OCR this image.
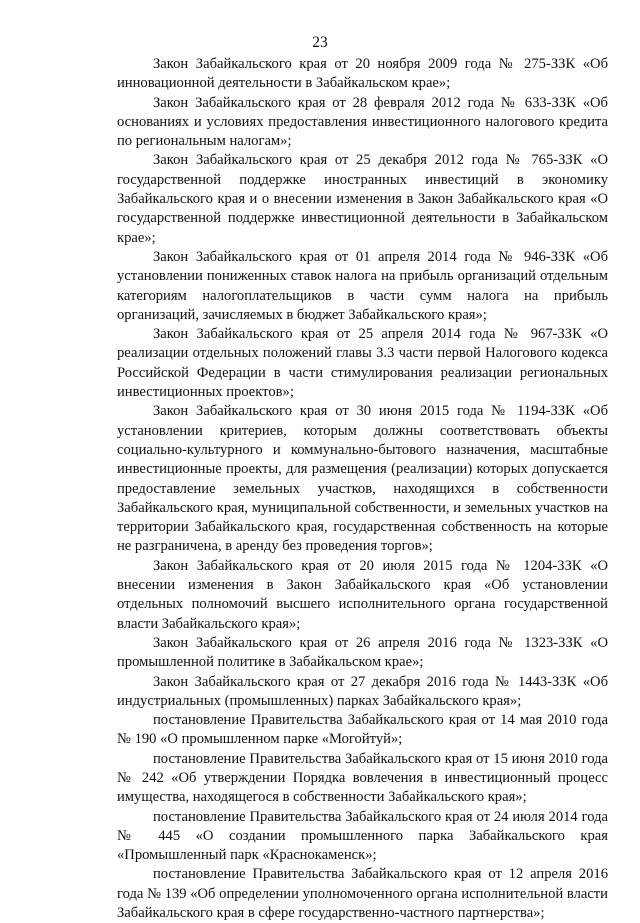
23

Закон Забайкальского края от 20 ноября 2009 года № 275-ЗЗК «Об инновационной деятельности в Забайкальском крае»;

Закон Забайкальского края от 28 февраля 2012 года № 633-ЗЗК «Об основаниях и условиях предоставления инвестиционного налогового кредита по региональным налогам»;

Закон Забайкальского края от 25 декабря 2012 года № 765-ЗЗК «О государственной поддержке иностранных инвестиций в экономику Забайкальского края и о внесении изменения в Закон Забайкальского края «О государственной поддержке инвестиционной деятельности в Забайкальском крае»;

Закон Забайкальского края от 01 апреля 2014 года № 946-ЗЗК «Об установлении пониженных ставок налога на прибыль организаций отдельным категориям налогоплательщиков в части сумм налога на прибыль организаций, зачисляемых в бюджет Забайкальского края»;

Закон Забайкальского края от 25 апреля 2014 года № 967-ЗЗК «О реализации отдельных положений главы 3.3 части первой Налогового кодекса Российской Федерации в части стимулирования реализации региональных инвестиционных проектов»;

Закон Забайкальского края от 30 июня 2015 года № 1194-ЗЗК «Об установлении критериев, которым должны соответствовать объекты социально-культурного и коммунально-бытового назначения, масштабные инвестиционные проекты, для размещения (реализации) которых допускается предоставление земельных участков, находящихся в собственности Забайкальского края, муниципальной собственности, и земельных участков на территории Забайкальского края, государственная собственность на которые не разграничена, в аренду без проведения торгов»;

Закон Забайкальского края от 20 июля 2015 года № 1204-ЗЗК «О внесении изменения в Закон Забайкальского края «Об установлении отдельных полномочий высшего исполнительного органа государственной власти Забайкальского края»;

Закон Забайкальского края от 26 апреля 2016 года № 1323-ЗЗК «О промышленной политике в Забайкальском крае»;

Закон Забайкальского края от 27 декабря 2016 года № 1443-ЗЗК «Об индустриальных (промышленных) парках Забайкальского края»;

постановление Правительства Забайкальского края от 14 мая 2010 года № 190 «О промышленном парке «Могойтуй»;

постановление Правительства Забайкальского края от 15 июня 2010 года № 242 «Об утверждении Порядка вовлечения в инвестиционный процесс имущества, находящегося в собственности Забайкальского края»;

постановление Правительства Забайкальского края от 24 июля 2014 года № 445 «О создании промышленного парка Забайкальского края «Промышленный парк «Краснокаменск»;

постановление Правительства Забайкальского края от 12 апреля 2016 года № 139 «Об определении уполномоченного органа исполнительной власти Забайкальского края в сфере государственно-частного партнерства»;
